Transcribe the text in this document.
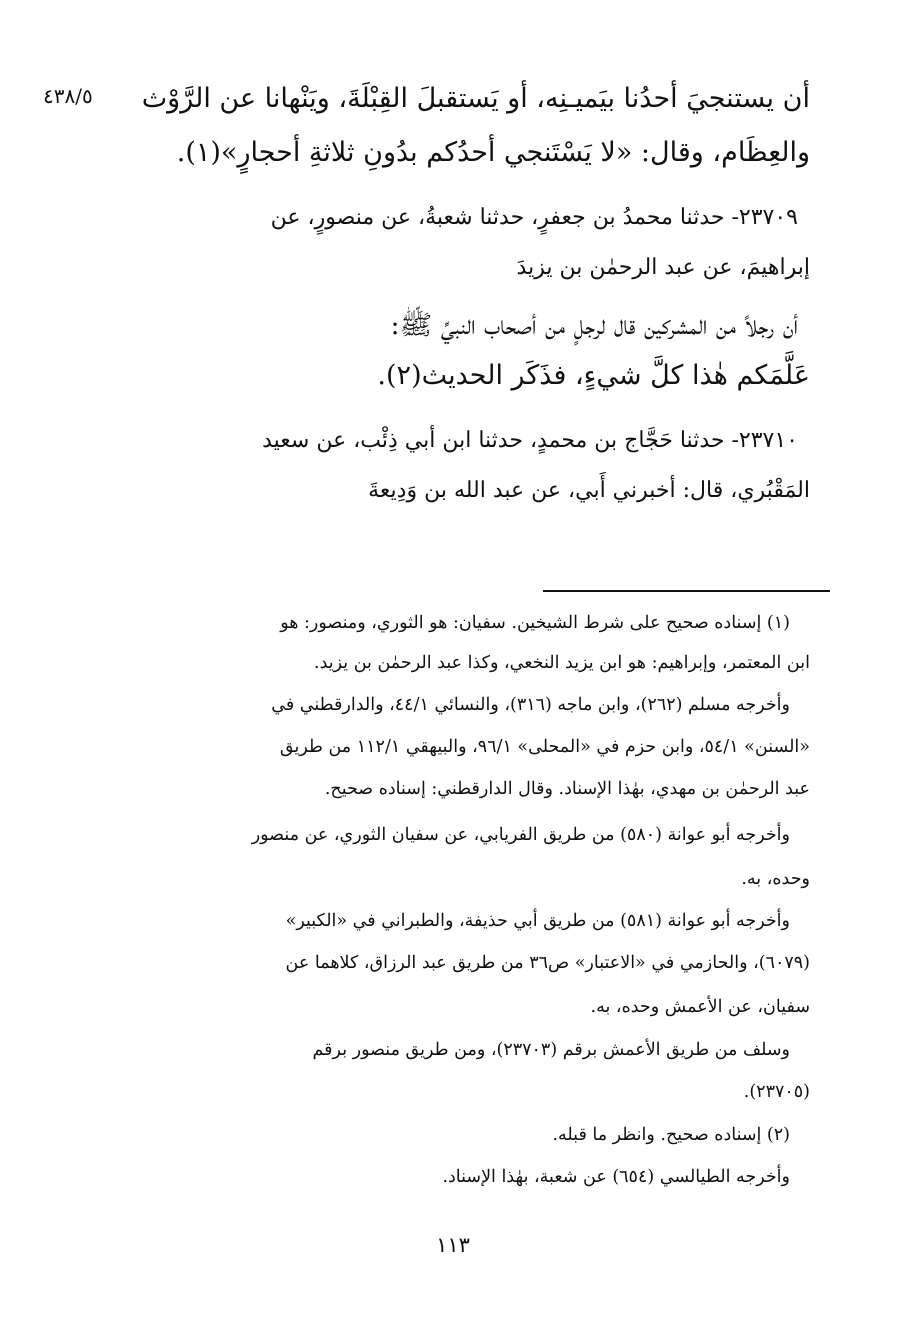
٤٣٨/٥ أن يستنجيَ أحدُنا بيَميـنِه، أو يَستقبلَ القِبْلَةَ، ويَنْهانا عن الرَّوْث
والعِظَام، وقال: «لا يَسْتَنجي أحدُكم بدُونِ ثلاثةِ أحجارٍ»(١).
٢٣٧٠٩- حدثنا محمدُ بن جعفرٍ، حدثنا شعبةُ، عن منصورٍ، عن
إبراهيمَ، عن عبد الرحمٰن بن يزيدَ
أن رجلاً من المشركين قال لرجلٍ من أصحاب النبيِّ ﷺ:
عَلَّمَكم هٰذا كلَّ شيءٍ، فذَكَر الحديث(٢).
٢٣٧١٠- حدثنا حَجَّاج بن محمدٍ، حدثنا ابن أبي ذِئْب، عن سعيد
المَقْبُري، قال: أخبرني أَبي، عن عبد الله بن وَدِيعةَ
(١) إسناده صحيح على شرط الشيخين. سفيان: هو الثوري، ومنصور: هو
ابن المعتمر، وإبراهيم: هو ابن يزيد النخعي، وكذا عبد الرحمٰن بن يزيد.
وأخرجه مسلم (٢٦٢)، وابن ماجه (٣١٦)، والنسائي ٤٤/١، والدارقطني في
«السنن» ٥٤/١، وابن حزم في «المحلى» ٩٦/١، والبيهقي ١١٢/١ من طريق
عبد الرحمٰن بن مهدي، بهٰذا الإسناد. وقال الدارقطني: إسناده صحيح.
وأخرجه أبو عوانة (٥٨٠) من طريق الفريابي، عن سفيان الثوري، عن منصور
وحده، به.
وأخرجه أبو عوانة (٥٨١) من طريق أبي حذيفة، والطبراني في «الكبير»
(٦٠٧٩)، والحازمي في «الاعتبار» ص٣٦ من طريق عبد الرزاق، كلاهما عن
سفيان، عن الأعمش وحده، به.
وسلف من طريق الأعمش برقم (٢٣٧٠٣)، ومن طريق منصور برقم
(٢٣٧٠٥).
(٢) إسناده صحيح. وانظر ما قبله.
وأخرجه الطيالسي (٦٥٤) عن شعبة، بهٰذا الإسناد.
١١٣
